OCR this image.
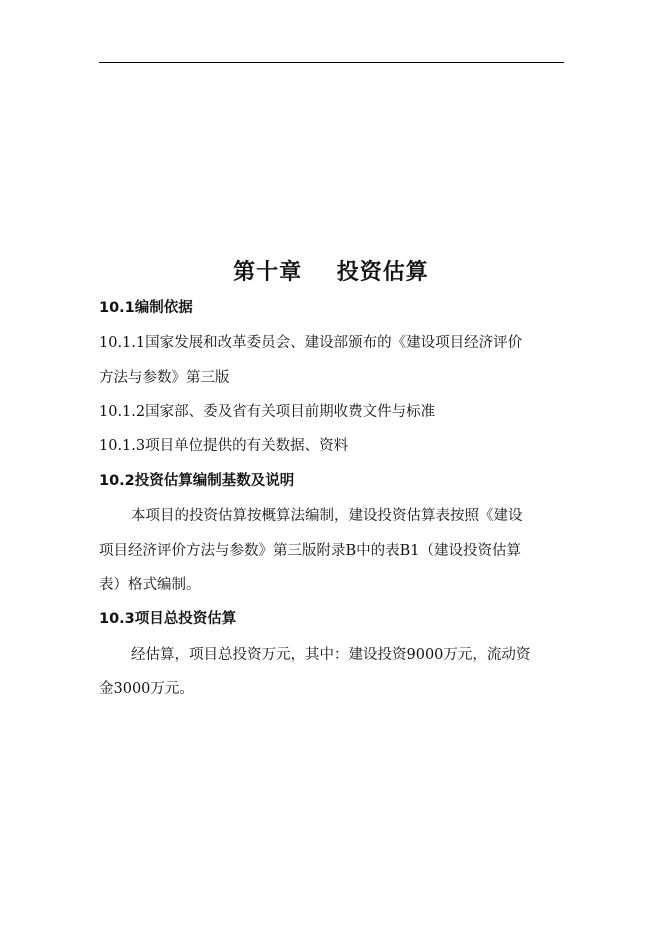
第十章    投资估算
10.1编制依据
10.1.1国家发展和改革委员会、建设部颁布的《建设项目经济评价
方法与参数》第三版
10.1.2国家部、委及省有关项目前期收费文件与标准
10.1.3项目单位提供的有关数据、资料
10.2投资估算编制基数及说明
本项目的投资估算按概算法编制，建设投资估算表按照《建设
项目经济评价方法与参数》第三版附录B中的表B1（建设投资估算
表）格式编制。
10.3项目总投资估算
经估算，项目总投资万元，其中：建设投资9000万元，流动资
金3000万元。
